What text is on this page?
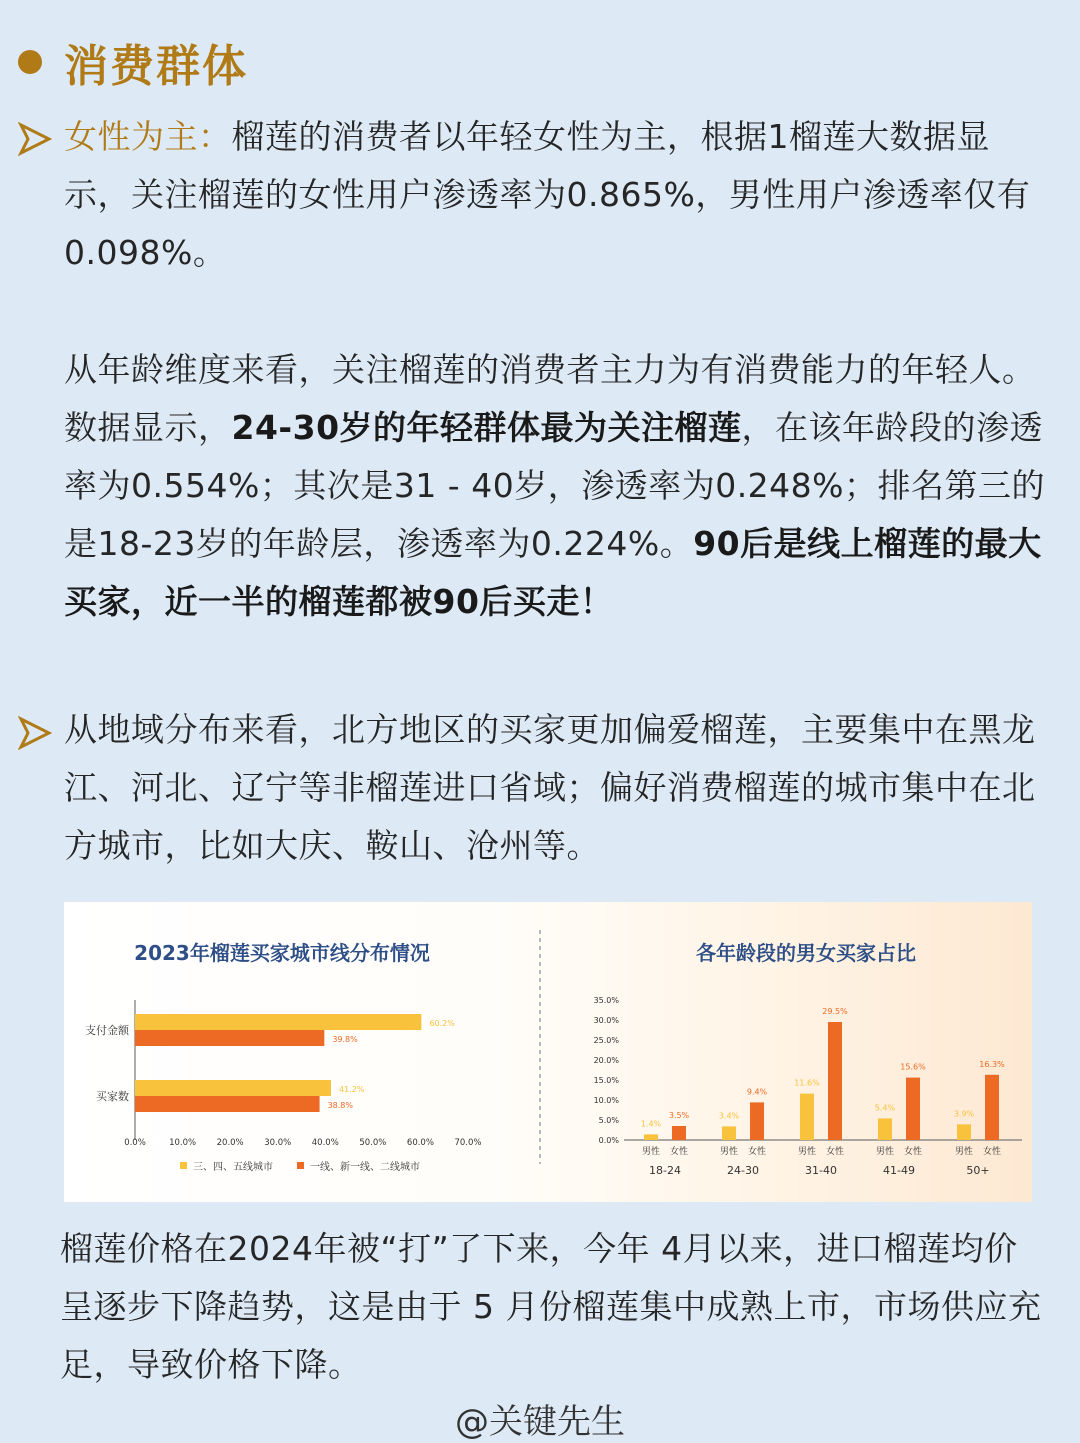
消费群体
女性为主：榴莲的消费者以年轻女性为主，根据1榴莲大数据显示，关注榴莲的女性用户渗透率为0.865%，男性用户渗透率仅有0.098%。
从年龄维度来看，关注榴莲的消费者主力为有消费能力的年轻人。数据显示，24-30岁的年轻群体最为关注榴莲，在该年龄段的渗透率为0.554%；其次是31 - 40岁，渗透率为0.248%；排名第三的是18-23岁的年龄层，渗透率为0.224%。90后是线上榴莲的最大买家，近一半的榴莲都被90后买走！
从地域分布来看，北方地区的买家更加偏爱榴莲，主要集中在黑龙江、河北、辽宁等非榴莲进口省域；偏好消费榴莲的城市集中在北方城市，比如大庆、鞍山、沧州等。
2023年榴莲买家城市线分布情况
支付金额
60.2%
39.8%
买家数
41.2%
38.8%
0.0%	10.0% 20.0% 30.0% 40.0% 50.0% 60.0% 70.0%
三、四、五线城市	一线、新一线、二线城市
各年龄段的男女买家占比
0.0%
5.0%
10.0%
15.0%
20.0%
25.0%
30.0%
35.0%
1.4%
男性
3.5%
女性
18-24
3.4%
男性
9.4%
女性
24-30
11.6%
男性
29.5%
女性
31-40
5.4%
男性
15.6%
女性
41-49
3.9%
男性
16.3%
女性
50+
榴莲价格在2024年被“打”了下来，今年 4月以来，进口榴莲均价呈逐步下降趋势，这是由于 5 月份榴莲集中成熟上市，市场供应充足，导致价格下降。
@关键先生
